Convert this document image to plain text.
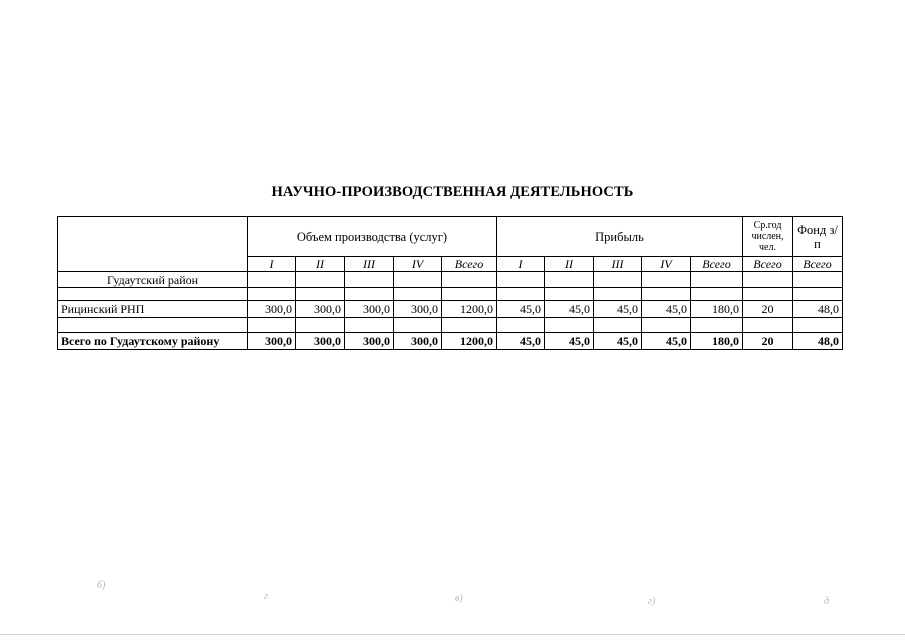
НАУЧНО-ПРОИЗВОДСТВЕННАЯ ДЕЯТЕЛЬНОСТЬ
	Объем производства (услуг)					Прибыль					Ср.год числен, чел.	Фонд з/п
	I	II	III	IV	Всего	I	II	III	IV	Всего	Всего	Всего
Гудаутский район												

Рицинский РНП	300,0	300,0	300,0	300,0	1200,0	45,0	45,0	45,0	45,0	180,0	20	48,0

Всего по Гудаутскому району	300,0	300,0	300,0	300,0	1200,0	45,0	45,0	45,0	45,0	180,0	20	48,0
б)
г	в)	г)	д
